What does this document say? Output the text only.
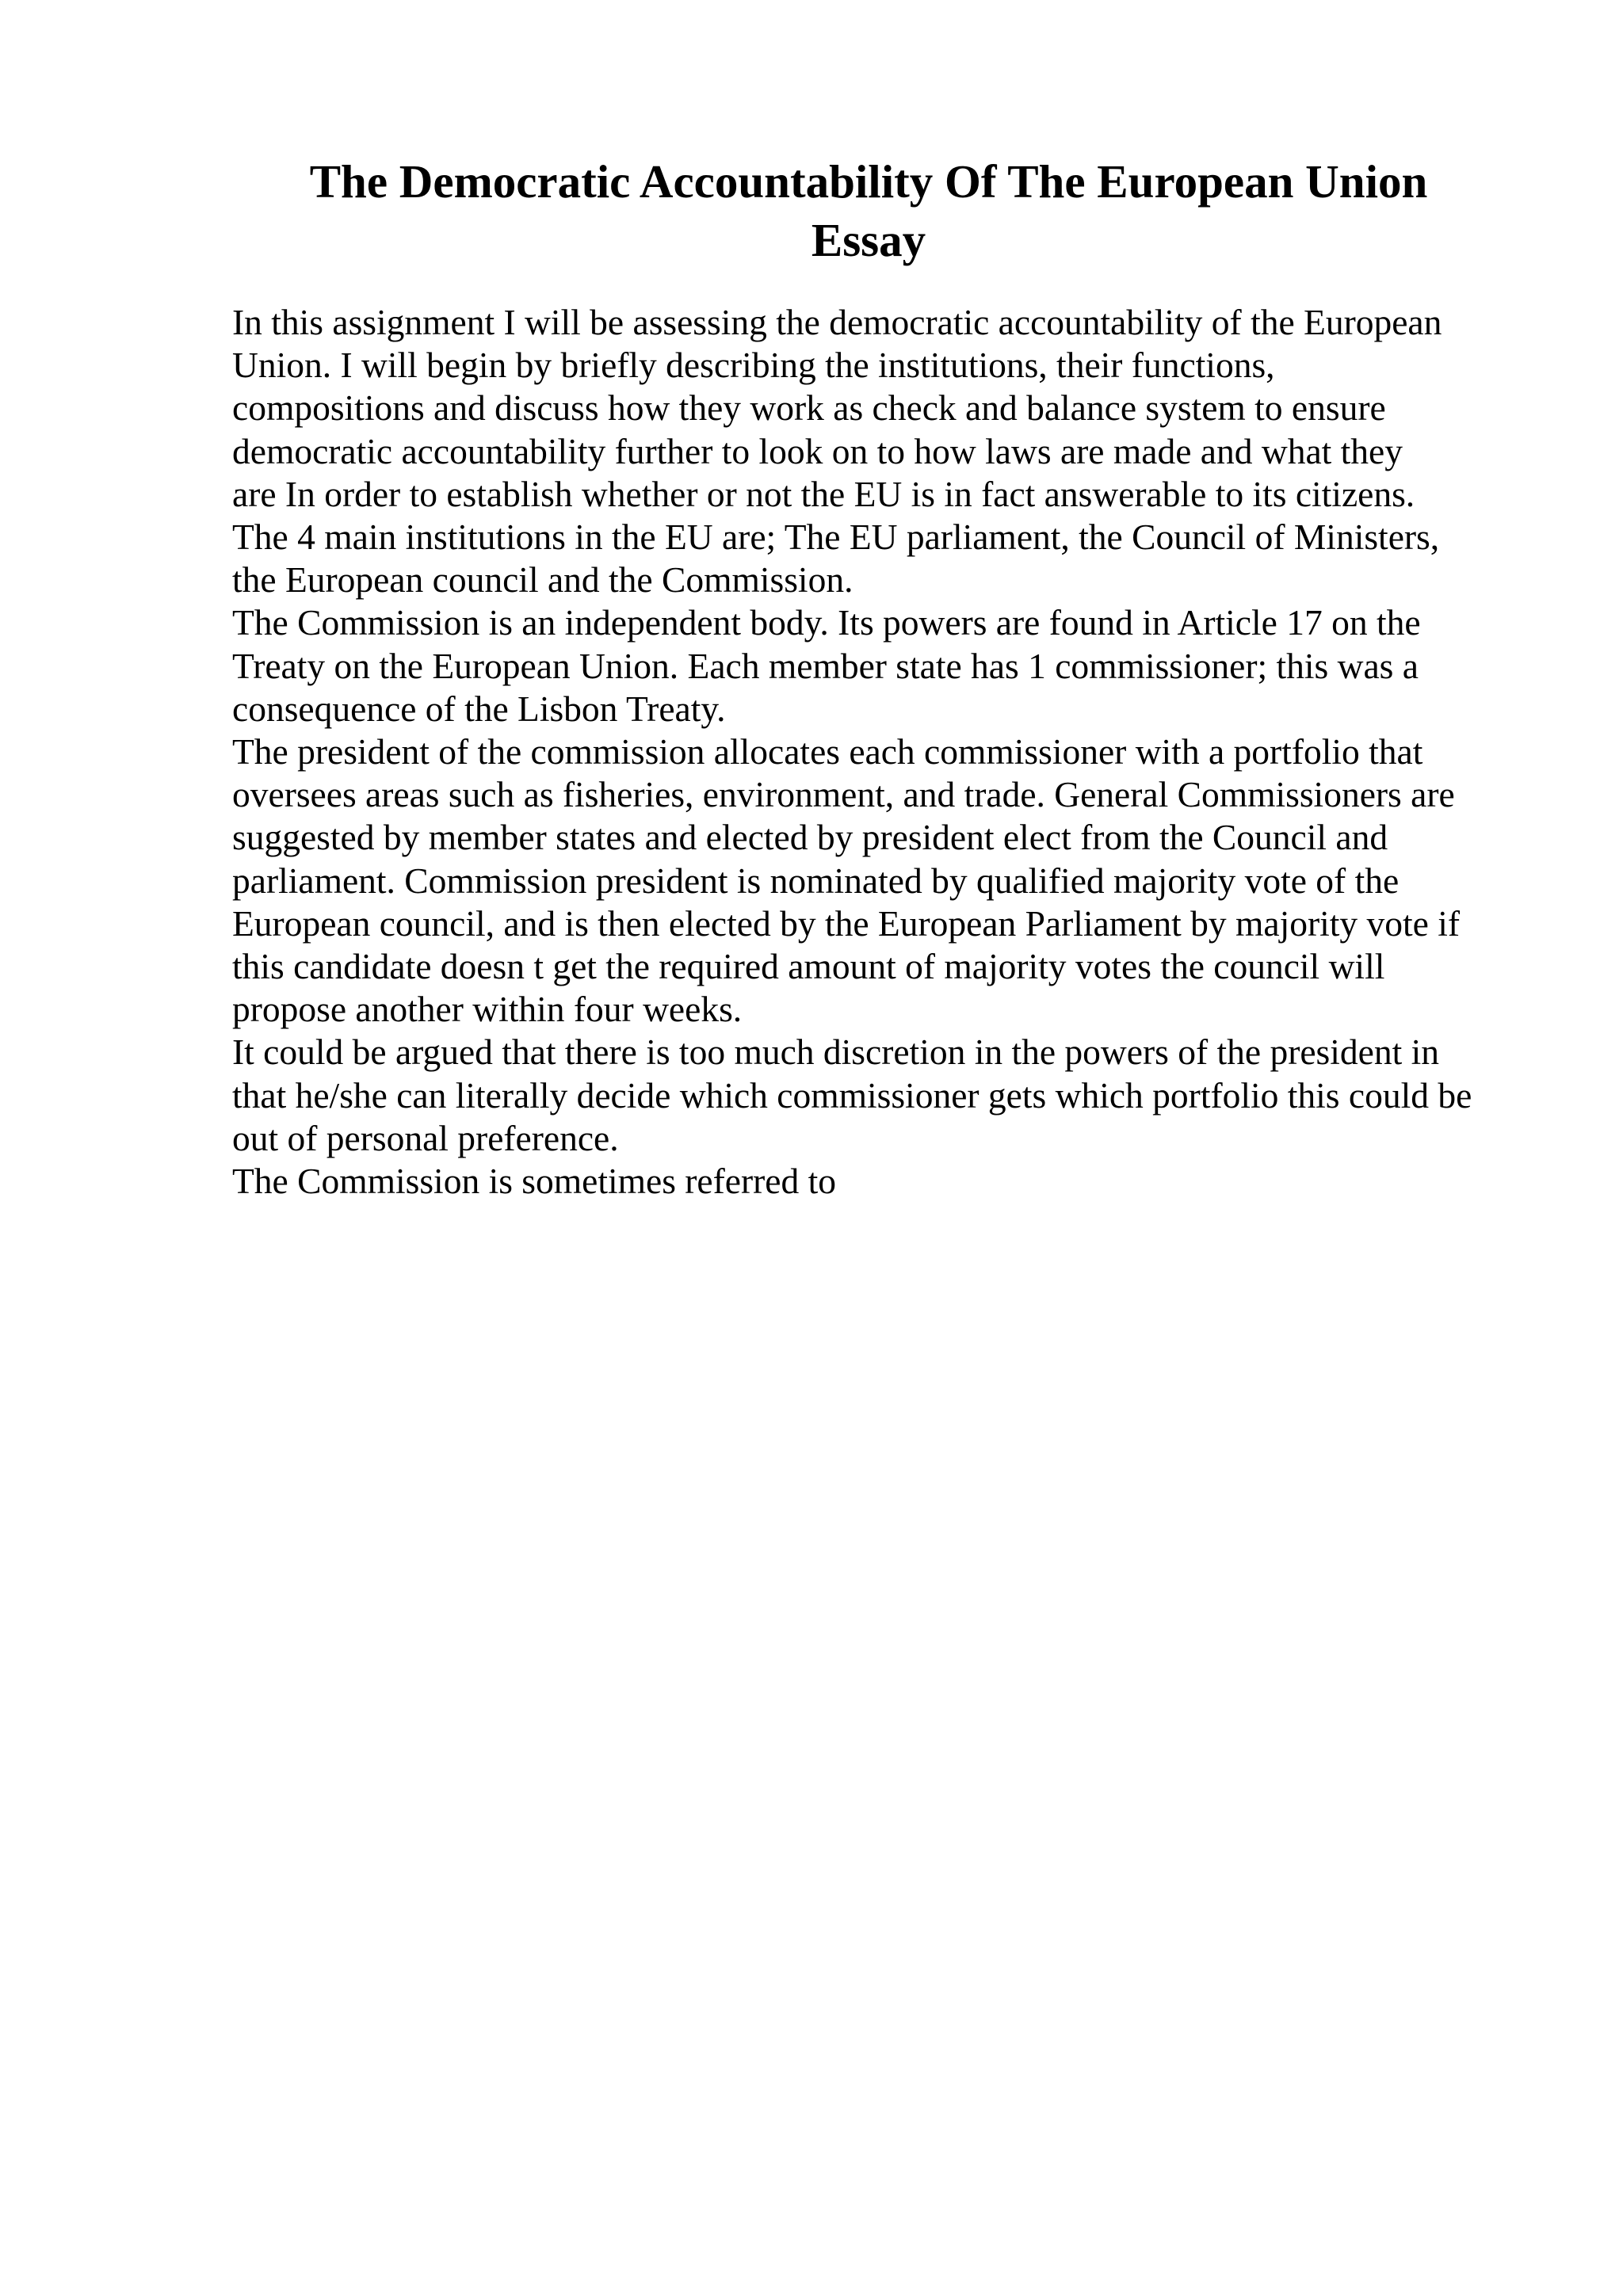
The Democratic Accountability Of The European Union
Essay
In this assignment I will be assessing the democratic accountability of the European
Union. I will begin by briefly describing the institutions, their functions,
compositions and discuss how they work as check and balance system to ensure
democratic accountability further to look on to how laws are made and what they
are In order to establish whether or not the EU is in fact answerable to its citizens.
The 4 main institutions in the EU are; The EU parliament, the Council of Ministers,
the European council and the Commission.
The Commission is an independent body. Its powers are found in Article 17 on the
Treaty on the European Union. Each member state has 1 commissioner; this was a
consequence of the Lisbon Treaty.
The president of the commission allocates each commissioner with a portfolio that
oversees areas such as fisheries, environment, and trade. General Commissioners are
suggested by member states and elected by president elect from the Council and
parliament. Commission president is nominated by qualified majority vote of the
European council, and is then elected by the European Parliament by majority vote if
this candidate doesn t get the required amount of majority votes the council will
propose another within four weeks.
It could be argued that there is too much discretion in the powers of the president in
that he/she can literally decide which commissioner gets which portfolio this could be
out of personal preference.
The Commission is sometimes referred to
